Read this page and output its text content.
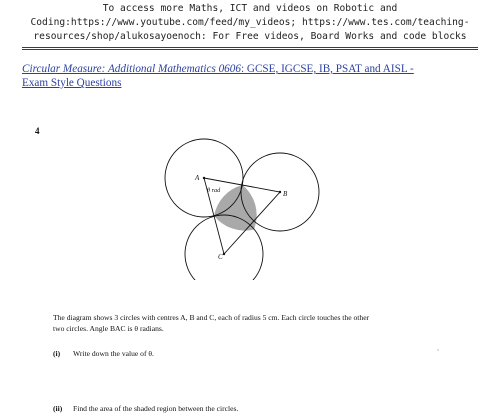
To access more Maths, ICT and videos on Robotic and
Coding:https://www.youtube.com/feed/my_videos; https://www.tes.com/teaching-
resources/shop/alukosayoenoch: For Free videos, Board Works and code blocks
Circular Measure: Additional Mathematics 0606: GCSE, IGCSE, IB, PSAT and AISL -
Exam Style Questions
4
A
B
C
θ rad
The diagram shows 3 circles with centres A, B and C, each of radius 5 cm. Each circle touches the other
two circles. Angle BAC is θ radians.
(i) Write down the value of θ.
(ii) Find the area of the shaded region between the circles.
